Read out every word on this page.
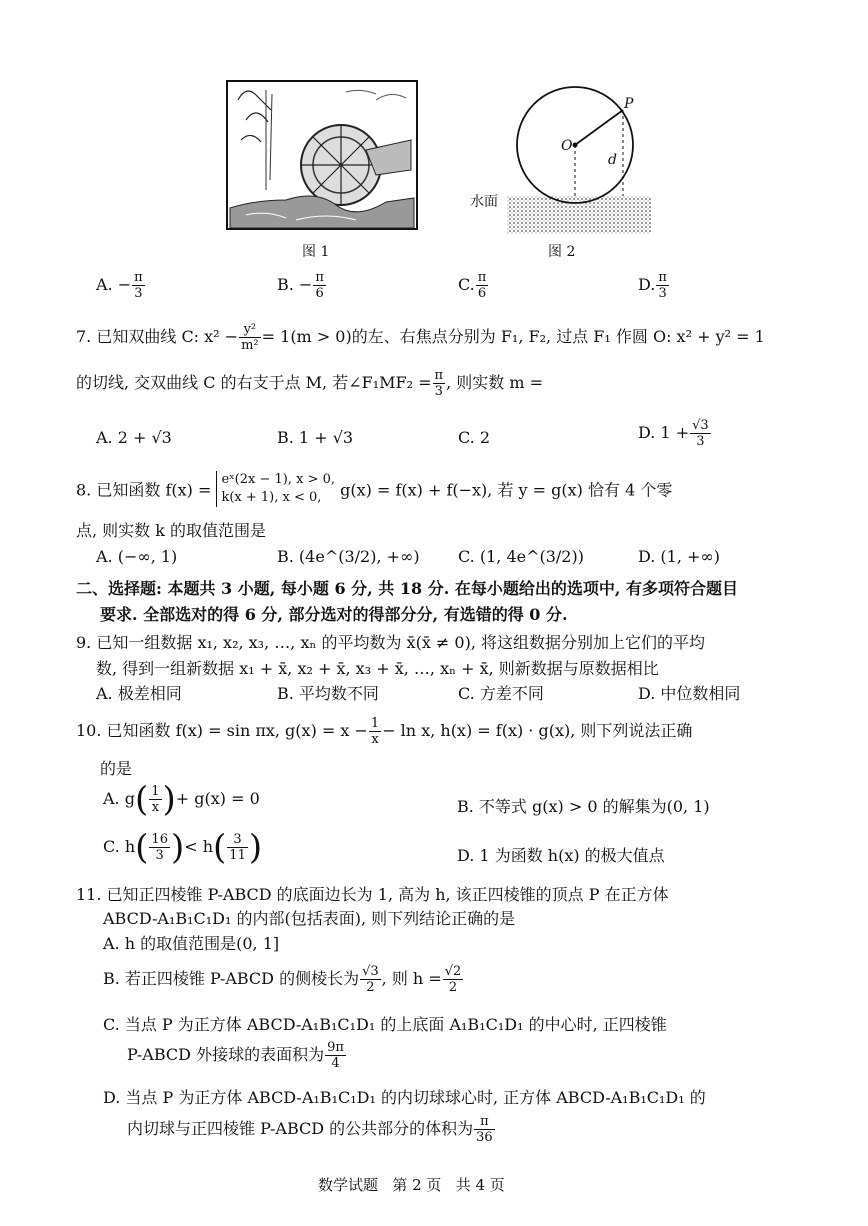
图 1
O
P
d
水面
图 2
A. − $\frac{\pi}{3}$	B. − $\frac{\pi}{6}$	C. $\frac{\pi}{6}$	D. $\frac{\pi}{3}$
7. 已知双曲线 C: $x^2 - \frac{\text{y²}}{\text{m²}} = 1(m > 0)$的左、右焦点分别为 F₁, F₂, 过点 F₁ 作圆 O: x² + y² = 1
的切线, 交双曲线 C 的右支于点 M, 若∠F₁MF₂ = $\frac{\pi}{3}$ , 则实数 m =
A. 2 + √3	B. 1 + √3	C. 2	D. $1 + \frac{√3}{3}$
8. 已知函数 f(x) =
eˣ(2x − 1), x > 0,
k(x + 1), x < 0,	g(x) = f(x) + f(−x), 若 y = g(x) 恰有 4 个零
点, 则实数 k 的取值范围是
A. (−∞, 1)	B. (4e^(3/2), +∞) C. (1, 4e^(3/2))	D. (1, +∞)
二、选择题: 本题共 3 小题, 每小题 6 分, 共 18 分. 在每小题给出的选项中, 有多项符合题目
要求. 全部选对的得 6 分, 部分选对的得部分分, 有选错的得 0 分.
9. 已知一组数据 x₁, x₂, x₃, …, xₙ 的平均数为 x̄(x̄ ≠ 0), 将这组数据分别加上它们的平均
数, 得到一组新数据 x₁ + x̄, x₂ + x̄, x₃ + x̄, …, xₙ + x̄, 则新数据与原数据相比
A. 极差相同	B. 平均数不同	C. 方差不同	D. 中位数相同
10. 已知函数 f(x) = sin πx, $g(x) = x - \frac{1}{x} - \ln x$, h(x) = f(x) · g(x), 则下列说法正确
的是
A. $g( \frac{1}{x}$ )+ g(x) = 0	B. 不等式 g(x) > 0 的解集为(0, 1)
C. $h( \frac{16}{3}$ )< $h( \frac{3}{11}$ )	D. 1 为函数 h(x) 的极大值点
11. 已知正四棱锥 P-ABCD 的底面边长为 1, 高为 h, 该正四棱锥的顶点 P 在正方体
ABCD-A₁B₁C₁D₁ 的内部(包括表面), 则下列结论正确的是
A. h 的取值范围是(0, 1]
B. 若正四棱锥 P-ABCD 的侧棱长为 $\frac{√3}{2}$ , 则 $h = \frac{√2}{2}$
C. 当点 P 为正方体 ABCD-A₁B₁C₁D₁ 的上底面 A₁B₁C₁D₁ 的中心时, 正四棱锥
P-ABCD 外接球的表面积为 $\frac{9\pi}{4}$
D. 当点 P 为正方体 ABCD-A₁B₁C₁D₁ 的内切球球心时, 正方体 ABCD-A₁B₁C₁D₁ 的
内切球与正四棱锥 P-ABCD 的公共部分的体积为 $\frac{\pi}{36}$
数学试题   第 2 页   共 4 页
